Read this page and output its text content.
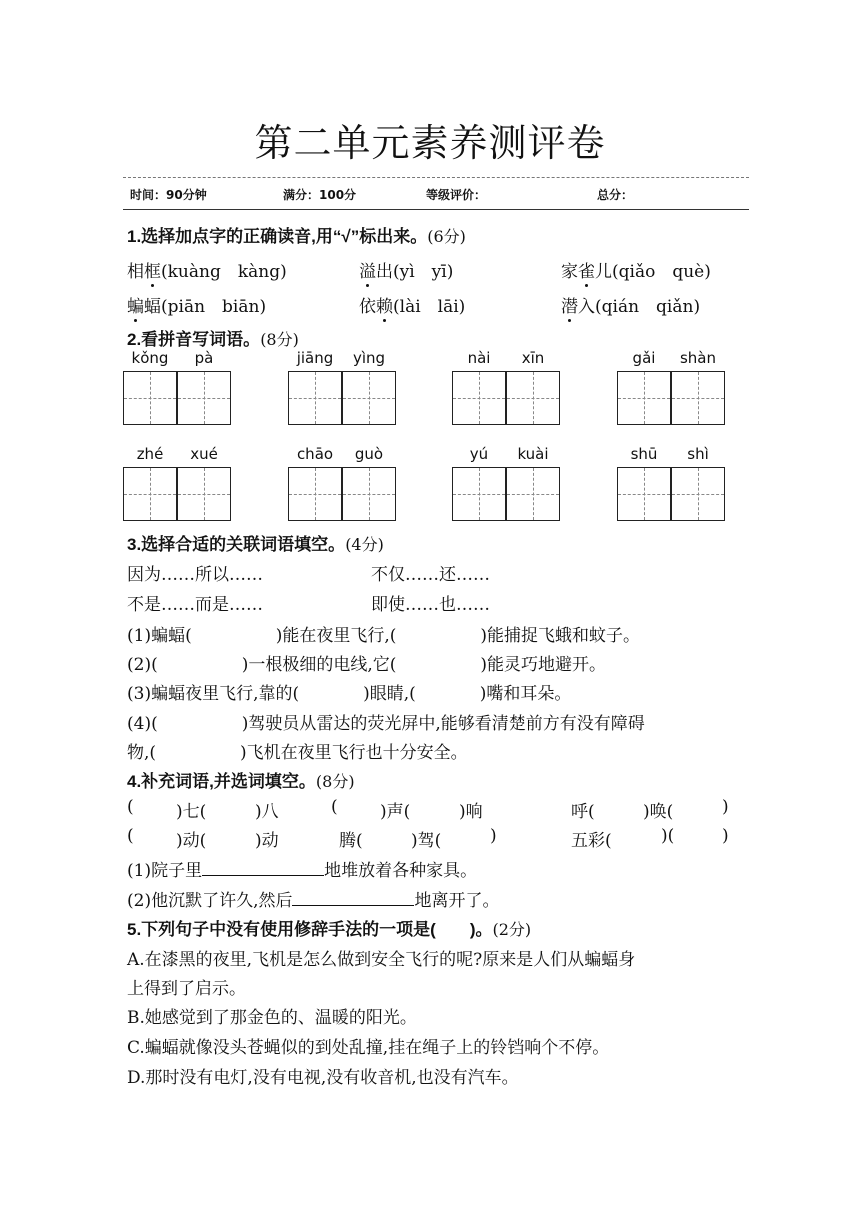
第二单元素养测评卷
时间：90分钟	满分：100分	等级评价：	总分：
1.选择加点字的正确读音,用“√”标出来。(6分)
相框(kuàng　kàng)	溢出(yì　yī)	家雀儿(qiǎo　què)
蝙蝠(piān　biān)	依赖(lài　lāi)	潜入(qián　qiǎn)
2.看拼音写词语。(8分)
kǒng	pà	jiāng	yìng	nài	xīn	gǎi	shàn
zhé	xué	chāo	guò	yú	kuài	shū	shì
3.选择合适的关联词语填空。(4分)
因为……所以……	不仅……还……
不是……而是……	即使……也……
(1)蝙蝠(	)能在夜里飞行,(	)能捕捉飞蛾和蚊子。
(2)(	)一根极细的电线,它(	)能灵巧地避开。
(3)蝙蝠夜里飞行,靠的(	)眼睛,(	)嘴和耳朵。
(4)(	)驾驶员从雷达的荧光屏中,能够看清楚前方有没有障碍
物,(	)飞机在夜里飞行也十分安全。
4.补充词语,并选词填空。(8分)
( )七(	)八	( )声(	)响	呼(	)唤(	)
( )动(	)动	腾(	)驾(	)	五彩(	)(	)
(1)院子里	地堆放着各种家具。
(2)他沉默了许久,然后	地离开了。
5.下列句子中没有使用修辞手法的一项是(　　)。(2分)
A.在漆黑的夜里,飞机是怎么做到安全飞行的呢?原来是人们从蝙蝠身
上得到了启示。
B.她感觉到了那金色的、温暖的阳光。
C.蝙蝠就像没头苍蝇似的到处乱撞,挂在绳子上的铃铛响个不停。
D.那时没有电灯,没有电视,没有收音机,也没有汽车。
